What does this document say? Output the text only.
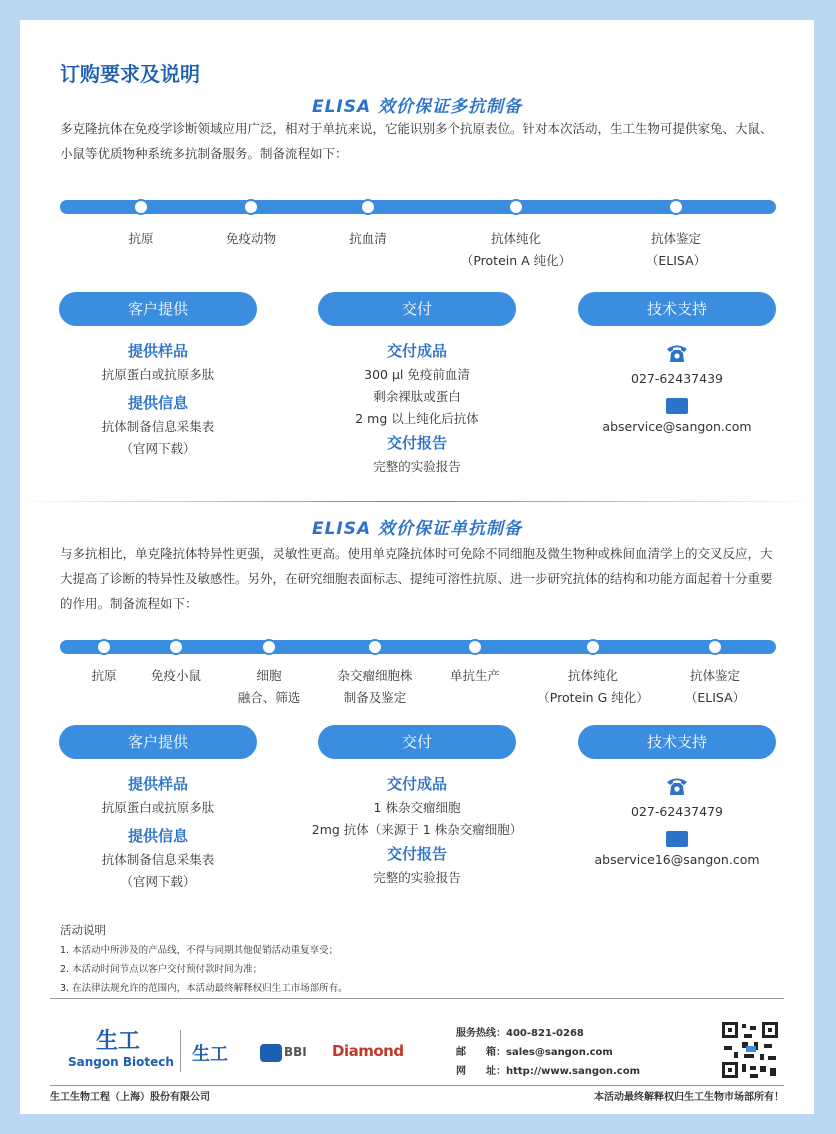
订购要求及说明
ELISA 效价保证多抗制备
多克隆抗体在免疫学诊断领域应用广泛，相对于单抗来说，它能识别多个抗原表位。针对本次活动，生工生物可提供家兔、大鼠、小鼠等优质物种系统多抗制备服务。制备流程如下：
抗原	免疫动物	抗血清	抗体纯化
（Protein A 纯化）
抗体鉴定
（ELISA）
客户提供	交付	技术支持
提供样品
抗原蛋白或抗原多肽
提供信息
抗体制备信息采集表
（官网下载）
交付成品
300 µl 免疫前血清
剩余裸肽或蛋白
2 mg 以上纯化后抗体
交付报告
完整的实验报告
027-62437439
abservice@sangon.com
ELISA 效价保证单抗制备
与多抗相比，单克隆抗体特异性更强，灵敏性更高。使用单克隆抗体时可免除不同细胞及微生物种或株间血清学上的交叉反应，大大提高了诊断的特异性及敏感性。另外，在研究细胞表面标志、提纯可溶性抗原、进一步研究抗体的结构和功能方面起着十分重要的作用。制备流程如下：
抗原	免疫小鼠	细胞
融合、筛选
杂交瘤细胞株
制备及鉴定
单抗生产	抗体纯化
（Protein G 纯化）
抗体鉴定
（ELISA）
客户提供	交付	技术支持
提供样品
抗原蛋白或抗原多肽
提供信息
抗体制备信息采集表
（官网下载）
交付成品
1 株杂交瘤细胞
2mg 抗体（来源于 1 株杂交瘤细胞）
交付报告
完整的实验报告
027-62437479
abservice16@sangon.com
活动说明
1. 本活动中所涉及的产品线，不得与同期其他促销活动重复享受；
2. 本活动时间节点以客户交付预付款时间为准；
3. 在法律法规允许的范围内，本活动最终解释权归生工市场部所有。
生工
Sangon Biotech 生工	BBI Diamond
服务热线：400-821-0268
邮　　箱：sales@sangon.com
网　　址：http://www.sangon.com
生工生物工程（上海）股份有限公司	本活动最终解释权归生工生物市场部所有！
